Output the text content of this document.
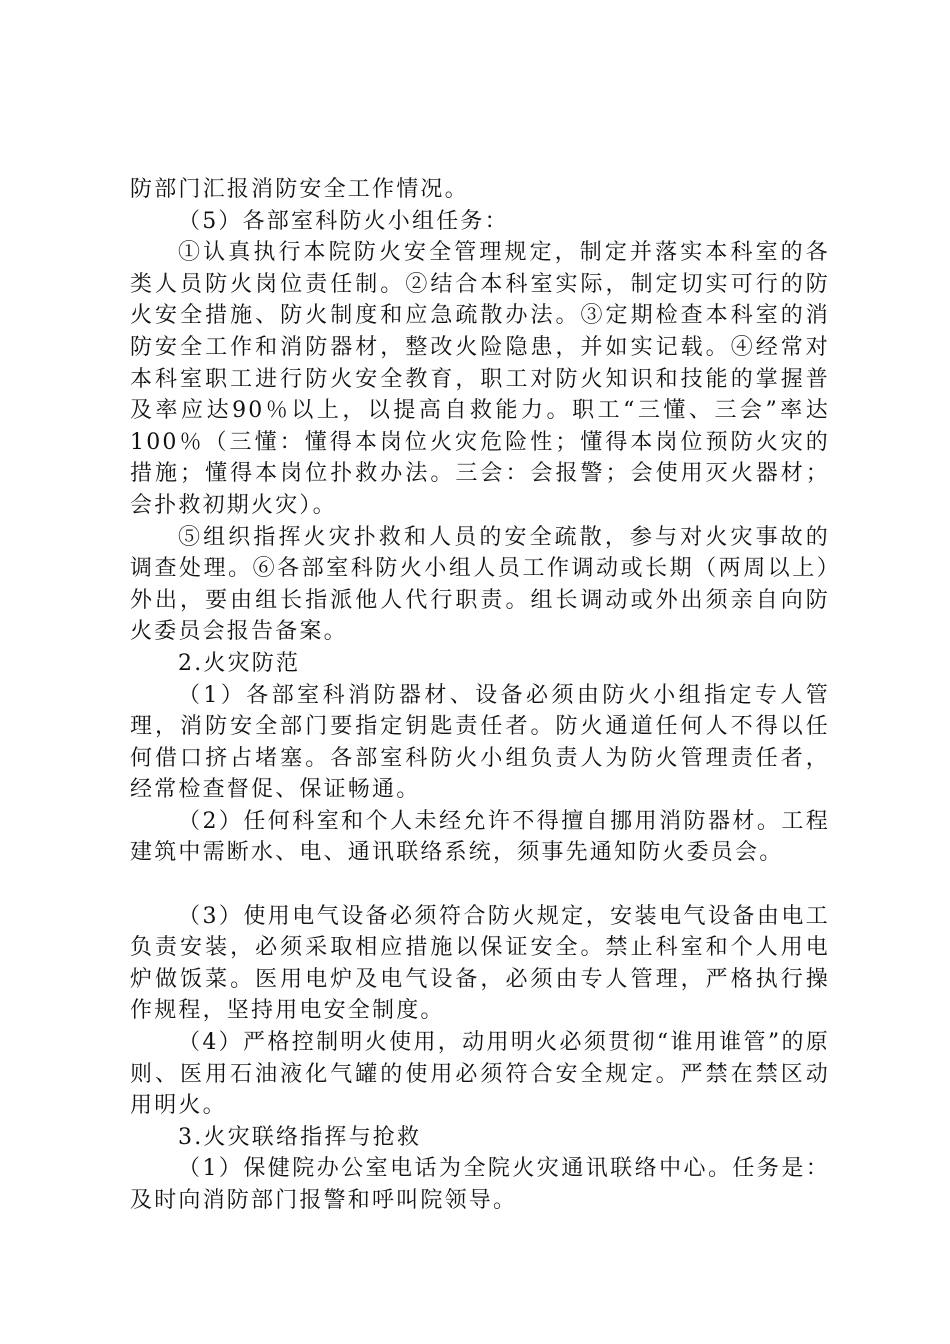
防部门汇报消防安全工作情况。

（5）各部室科防火小组任务：

①认真执行本院防火安全管理规定，制定并落实本科室的各类人员防火岗位责任制。②结合本科室实际，制定切实可行的防火安全措施、防火制度和应急疏散办法。③定期检查本科室的消防安全工作和消防器材，整改火险隐患，并如实记载。④经常对本科室职工进行防火安全教育，职工对防火知识和技能的掌握普及率应达90％以上，以提高自救能力。职工“三懂、三会”率达100％（三懂：懂得本岗位火灾危险性；懂得本岗位预防火灾的措施；懂得本岗位扑救办法。三会：会报警；会使用灭火器材；会扑救初期火灾）。

⑤组织指挥火灾扑救和人员的安全疏散，参与对火灾事故的调查处理。⑥各部室科防火小组人员工作调动或长期（两周以上）外出，要由组长指派他人代行职责。组长调动或外出须亲自向防火委员会报告备案。

2.火灾防范

（1）各部室科消防器材、设备必须由防火小组指定专人管理，消防安全部门要指定钥匙责任者。防火通道任何人不得以任何借口挤占堵塞。各部室科防火小组负责人为防火管理责任者，经常检查督促、保证畅通。

（2）任何科室和个人未经允许不得擅自挪用消防器材。工程建筑中需断水、电、通讯联络系统，须事先通知防火委员会。

（3）使用电气设备必须符合防火规定，安装电气设备由电工负责安装，必须采取相应措施以保证安全。禁止科室和个人用电炉做饭菜。医用电炉及电气设备，必须由专人管理，严格执行操作规程，坚持用电安全制度。

（4）严格控制明火使用，动用明火必须贯彻“谁用谁管”的原则、医用石油液化气罐的使用必须符合安全规定。严禁在禁区动用明火。

3.火灾联络指挥与抢救

（1）保健院办公室电话为全院火灾通讯联络中心。任务是：及时向消防部门报警和呼叫院领导。
